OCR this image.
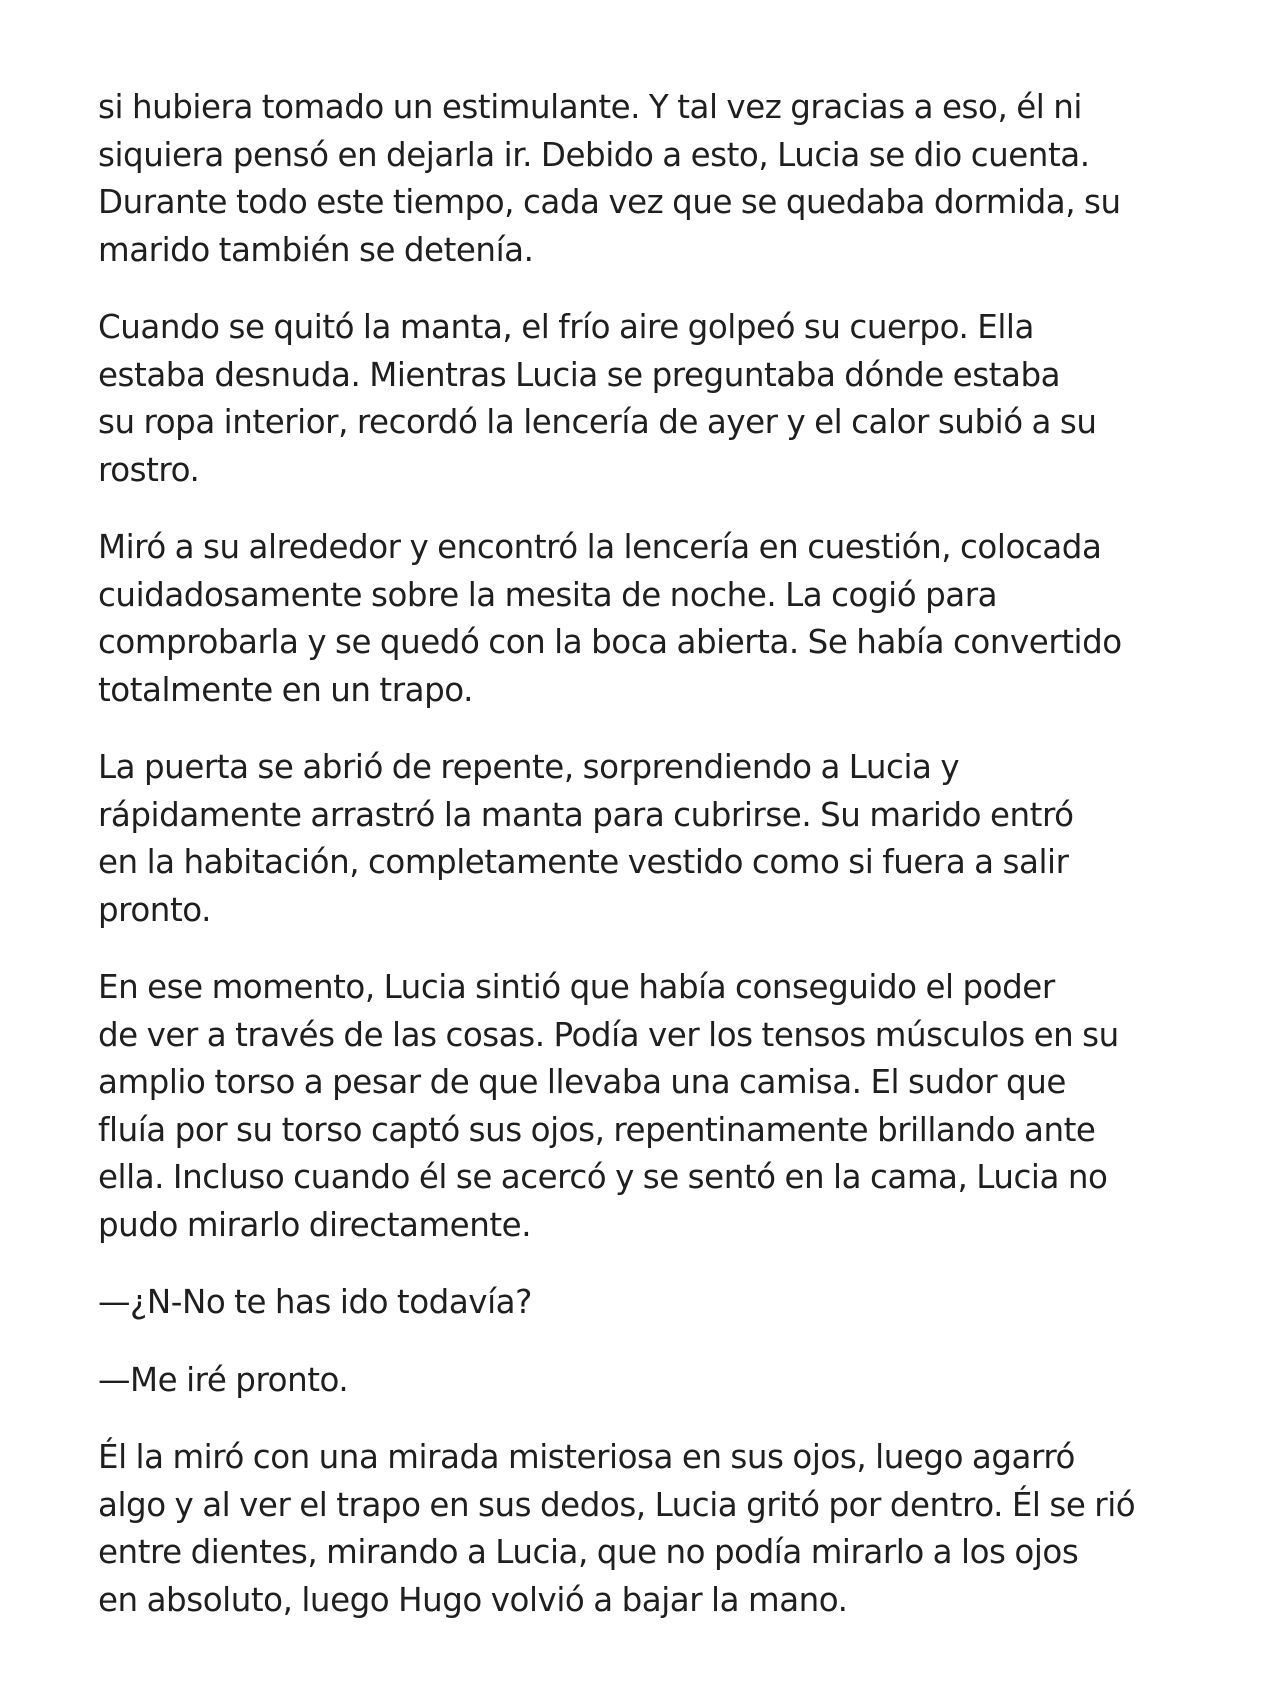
si hubiera tomado un estimulante. Y tal vez gracias a eso, él ni
siquiera pensó en dejarla ir. Debido a esto, Lucia se dio cuenta.
Durante todo este tiempo, cada vez que se quedaba dormida, su
marido también se detenía.
Cuando se quitó la manta, el frío aire golpeó su cuerpo. Ella
estaba desnuda. Mientras Lucia se preguntaba dónde estaba
su ropa interior, recordó la lencería de ayer y el calor subió a su
rostro.
Miró a su alrededor y encontró la lencería en cuestión, colocada
cuidadosamente sobre la mesita de noche. La cogió para
comprobarla y se quedó con la boca abierta. Se había convertido
totalmente en un trapo.
La puerta se abrió de repente, sorprendiendo a Lucia y
rápidamente arrastró la manta para cubrirse. Su marido entró
en la habitación, completamente vestido como si fuera a salir
pronto.
En ese momento, Lucia sintió que había conseguido el poder
de ver a través de las cosas. Podía ver los tensos músculos en su
amplio torso a pesar de que llevaba una camisa. El sudor que
fluía por su torso captó sus ojos, repentinamente brillando ante
ella. Incluso cuando él se acercó y se sentó en la cama, Lucia no
pudo mirarlo directamente.
—¿N-No te has ido todavía?
—Me iré pronto.
Él la miró con una mirada misteriosa en sus ojos, luego agarró
algo y al ver el trapo en sus dedos, Lucia gritó por dentro. Él se rió
entre dientes, mirando a Lucia, que no podía mirarlo a los ojos
en absoluto, luego Hugo volvió a bajar la mano.
